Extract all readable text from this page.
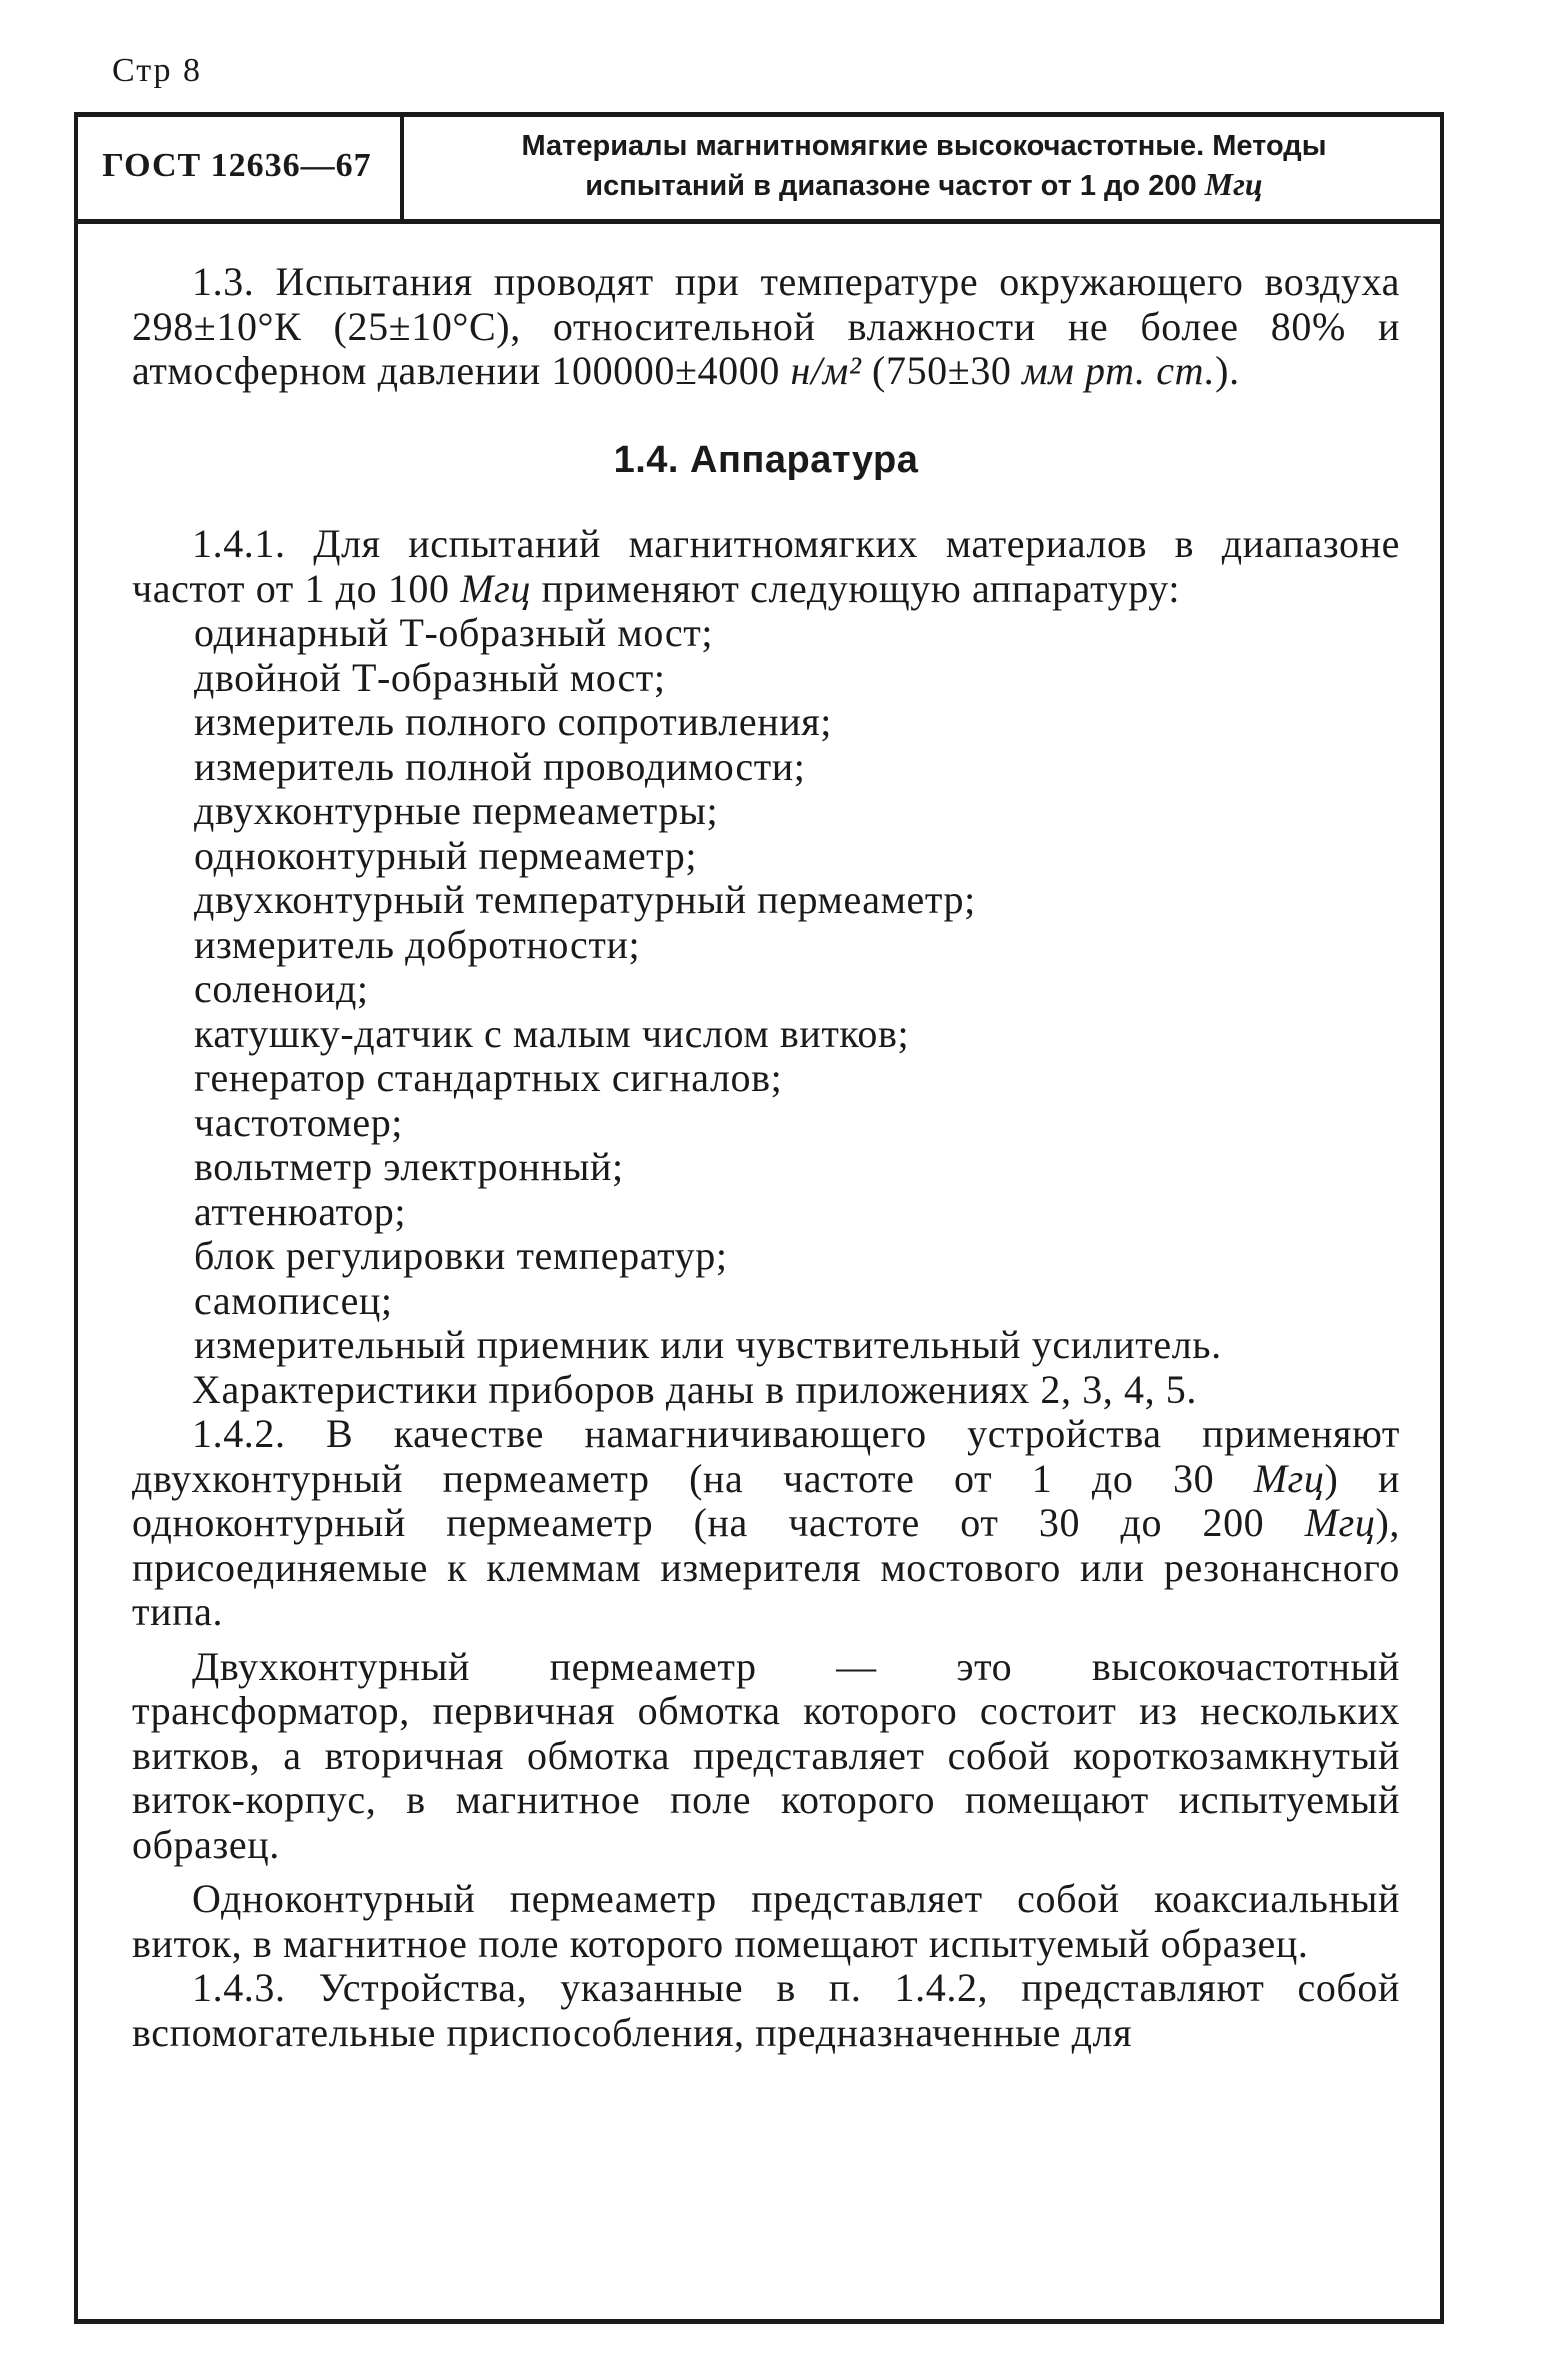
Стр 8
ГОСТ 12636—67
Материалы магнитномягкие высокочастотные. Методы
испытаний в диапазоне частот от 1 до 200 Мгц

1.3. Испытания проводят при температуре окружающего воздуха 298±10°К (25±10°С), относительной влажности не более 80% и атмосферном давлении 100000±4000 н/м² (750±30 мм рт. ст.).

1.4. Аппаратура

1.4.1. Для испытаний магнитномягких материалов в диапазоне частот от 1 до 100 Мгц применяют следующую аппаратуру:

одинарный Т-образный мост;
двойной Т-образный мост;
измеритель полного сопротивления;
измеритель полной проводимости;
двухконтурные пермеаметры;
одноконтурный пермеаметр;
двухконтурный температурный пермеаметр;
измеритель добротности;
соленоид;
катушку-датчик с малым числом витков;
генератор стандартных сигналов;
частотомер;
вольтметр электронный;
аттенюатор;
блок регулировки температур;
самописец;
измерительный приемник или чувствительный усилитель.

Характеристики приборов даны в приложениях 2, 3, 4, 5.

1.4.2. В качестве намагничивающего устройства применяют двухконтурный пермеаметр (на частоте от 1 до 30 Мгц) и одноконтурный пермеаметр (на частоте от 30 до 200 Мгц), присоединяемые к клеммам измерителя мостового или резонансного типа.

Двухконтурный пермеаметр — это высокочастотный трансформатор, первичная обмотка которого состоит из нескольких витков, а вторичная обмотка представляет собой короткозамкнутый виток-корпус, в магнитное поле которого помещают испытуемый образец.

Одноконтурный пермеаметр представляет собой коаксиальный виток, в магнитное поле которого помещают испытуемый образец.

1.4.3. Устройства, указанные в п. 1.4.2, представляют собой вспомогательные приспособления, предназначенные для
